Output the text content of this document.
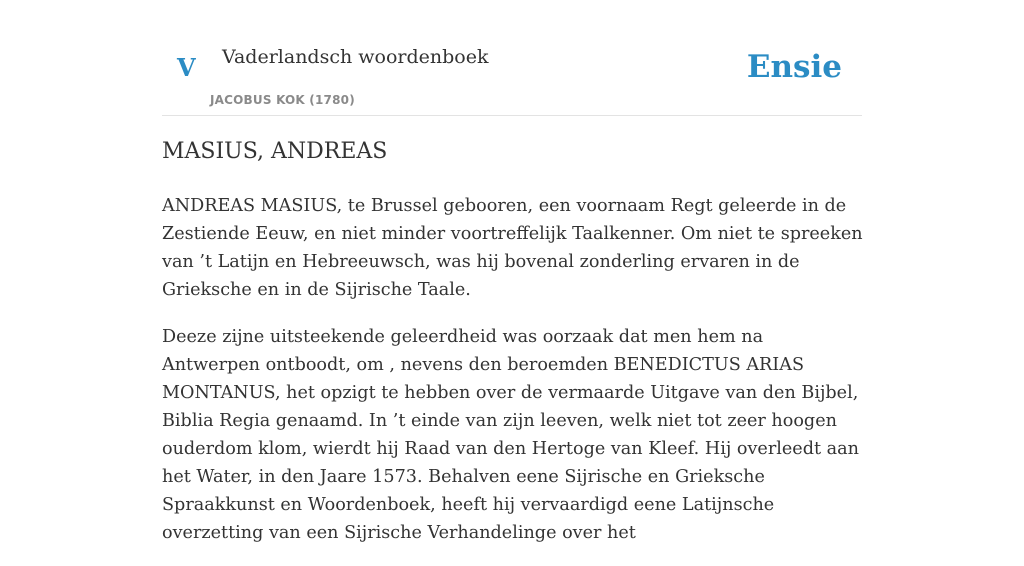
V Vaderlandsch woordenboek
JACOBUS KOK (1780)
Ensie
MASIUS, ANDREAS

ANDREAS MASIUS, te Brussel gebooren, een voornaam Regt geleerde in de Zestiende Eeuw, en niet minder voortreffelijk Taalkenner. Om niet te spreeken van ’t Latijn en Hebreeuwsch, was hij bovenal zonderling ervaren in de Grieksche en in de Sijrische Taale.

Deeze zijne uitsteekende geleerdheid was oorzaak dat men hem na Antwerpen ontboodt, om , nevens den beroemden BENEDICTUS ARIAS MONTANUS, het opzigt te hebben over de vermaarde Uitgave van den Bijbel, Biblia Regia genaamd. In ’t einde van zijn leeven, welk niet tot zeer hoogen ouderdom klom, wierdt hij Raad van den Hertoge van Kleef. Hij overleedt aan het Water, in den Jaare 1573. Behalven eene Sijrische en Grieksche Spraakkunst en Woordenboek, heeft hij vervaardigd eene Latijnsche overzetting van een Sijrische Verhandelinge over het
